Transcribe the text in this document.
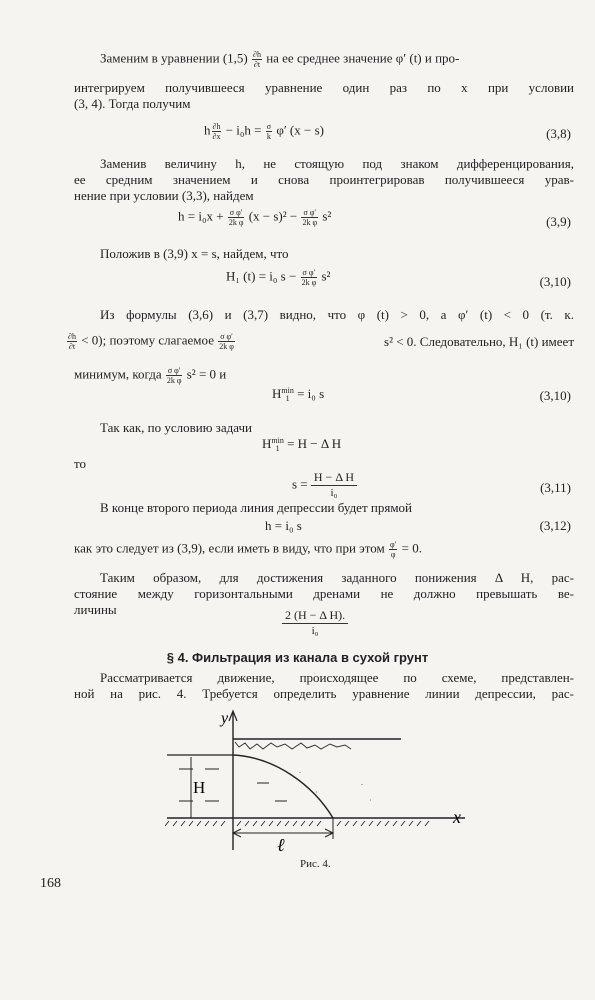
Заменим в уравнении $(1,5) \frac{\partial h}{\partial t}$ на ее среднее значение φ′ (t) и про-
интегрируем получившееся уравнение один раз по x при условии
(3, 4). Тогда получим
h $\frac{\partial h}{\partial x} - i_0h = \frac{\sigma}{k} \varphi'$ (x − s)	(3,8)
Заменив величину h, не стоящую под знаком дифференцирования,
ее средним значением и снова проинтегрировав получившееся урав-
нение при условии (3,3), найдем
$h = i_0x + \frac{\text{σ φ′}}{\text{2k φ}} (x - s)^2 - \frac{\text{σ φ′}}{\text{2k φ}} s^2$	(3,9)
Положив в (3,9) x = s, найдем, что
H₁ (t) = i₀ $s - \frac{\text{σ φ′}}{\text{2k φ}} s^2$	(3,10)
Из формулы (3,6) и (3,7) видно, что φ (t) > 0, а φ′ (t) < 0 (т. к.
$\frac{\partial h}{\partial t} < 0$); поэтому слагаемое $\frac{\text{σ φ′}}{\text{2k φ}}$	s² < 0. Следовательно, H₁ (t) имеет
минимум, когда $\frac{\text{σ φ′}}{\text{2k φ}} s^2 = 0$ и
H min
1 = i₀ s	(3,10)
Так как, по условию задачи
H min
1 = H − Δ H
то
$s = \frac{\text{H − Δ H}}{\text{i₀}}$	(3,11)
В конце второго периода линия депрессии будет прямой
h = i₀ s	(3,12)
как это следует из (3,9), если иметь в виду, что при этом $\frac{\varphi'}{\varphi} = 0$.
Таким образом, для достижения заданного понижения Δ H, рас-
стояние между горизонтальными дренами не должно превышать ве-
личины	$\frac{\text{2 (H − Δ H).}}{\text{i₀}}$
§ 4. Фильтрация из канала в сухой грунт
Рассматривается движение, происходящее по схеме, представлен-
ной на рис. 4. Требуется определить уравнение линии депрессии, рас-
y
H
.
·
.
·
x
ℓ
Рис. 4.
168
